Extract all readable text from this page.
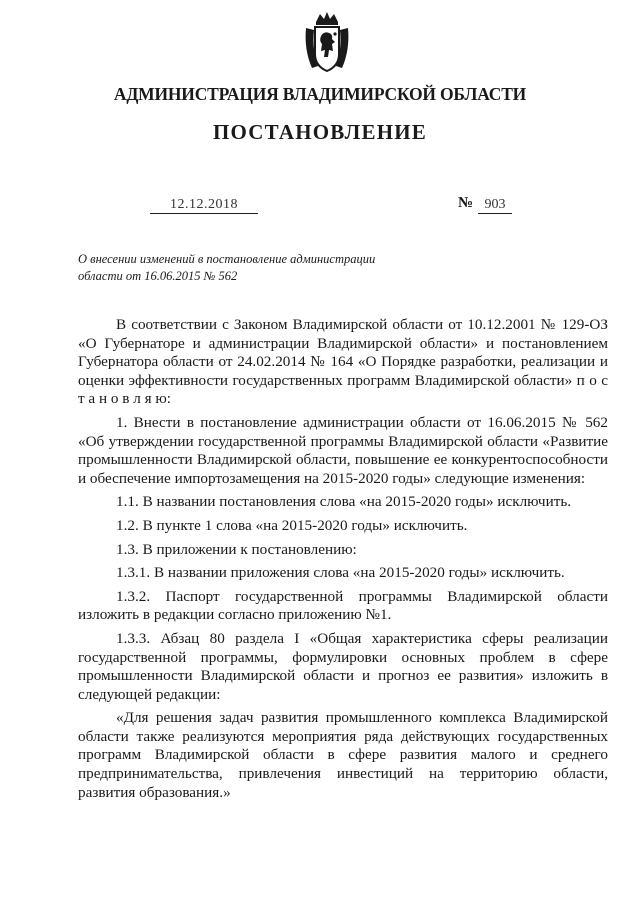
АДМИНИСТРАЦИЯ ВЛАДИМИРСКОЙ ОБЛАСТИ
ПОСТАНОВЛЕНИЕ
12.12.2018	№ 903
О внесении изменений в постановление администрации
области от 16.06.2015 № 562

В соответствии с Законом Владимирской области от 10.12.2001 № 129-ОЗ «О Губернаторе и администрации Владимирской области» и постановлением Губернатора области от 24.02.2014 № 164 «О Порядке разработки, реализации и оценки эффективности государственных программ Владимирской области» п о с т а н о в л я ю:

1. Внести в постановление администрации области от 16.06.2015 № 562 «Об утверждении государственной программы Владимирской области «Развитие промышленности Владимирской области, повышение ее конкурентоспособности и обеспечение импортозамещения на 2015-2020 годы» следующие изменения:

1.1. В названии постановления слова «на 2015-2020 годы» исключить.

1.2. В пункте 1 слова «на 2015-2020 годы» исключить.

1.3. В приложении к постановлению:

1.3.1. В названии приложения слова «на 2015-2020 годы» исключить.

1.3.2. Паспорт государственной программы Владимирской области изложить в редакции согласно приложению №1.

1.3.3. Абзац 80 раздела I «Общая характеристика сферы реализации государственной программы, формулировки основных проблем в сфере промышленности Владимирской области и прогноз ее развития» изложить в следующей редакции:

«Для решения задач развития промышленного комплекса Владимирской области также реализуются мероприятия ряда действующих государственных программ Владимирской области в сфере развития малого и среднего предпринимательства, привлечения инвестиций на территорию области, развития образования.»
